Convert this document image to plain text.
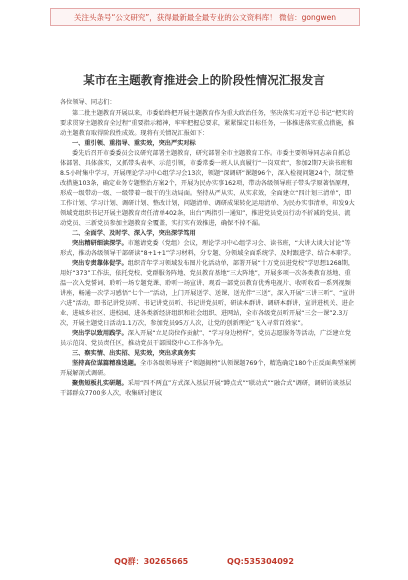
关注头条号“公文研究”，获得最新最全最专业的公文资料库！ 微信：gongwen
某市在主题教育推进会上的阶段性情况汇报发言

各位领导、同志们：

第二批主题教育开展以来，市委始终把开展主题教育作为重大政治任务，坚决落实习近平总书记“把实的要求贯穿主题教育全过程”重要指示精神，牢牢把握总要求，紧紧锚定目标任务，一体推进落实重点措施，推动主题教育取得阶段性成效。现将有关情况汇报如下：

一、重引领、重指导、重实效，突出严实对标

委先后召开市委委员会议研究部署主题教育，研究部署全市主题教育工作。市委主要领导同志亲自抓总体部署、具体落实，又抓带头表率、示范引领，市委常委一班人认真履行“一岗双责”，参加2期7天读书班和8.5小时集中学习，开展理论学习中心组学习会13次，领题“深调研”课题96个，深入检视问题24个，制定整改措施103条，确定业务专题整治方案2个，开展为民办实事162项，带动各级领导班子带头学原著悟原理，形成一级带动一级、一级带着一级干的生动局面。坚持从严从实、从实求效，全面建立“四计划三清单”，即工作计划、学习计划、调研计划、整改计划，问题清单、调研成果转化运用清单、为民办实事清单，印发9大领域党组织书记开展主题教育责任清单402条，出台“两指引一通知”，推进党员党员行动不折减的党员、流动党员、三新党员参加主题教育全覆盖，实打实有效推进，确保不掉不漏。

二、全面学、及时学、深入学，突出深学笃用

突出精研细读深学。市邀请党委（党组）会议，理论学习中心组学习会、读书班，“大讲大谈大讨论”等形式，推动各级领导干部研读“8+1+1”学习材料，分专题、分领域全面系统学、及时跟进学、结合本职学。

突出专责靠体促学。组织青年学习领域发布图片化活动单，部署开展“十万党员进党校”学思想1268期，用好“373”工作法，依托党校、党群服务阵地、党员教育基地“三大阵地”，开展多项一次各类教育基地、重温一次入党誓词、聆听一场专题党课、聆听一场宣讲、观看一部党员教育优秀电视片、收听收看一系列视频讲座，畅通一次学习感悟“七个一”活动，上门开展送学、送课、送光伴“三送”，深入开展“三讲三听”、“宣讲六进”活动，即书记讲党员听、书记讲党员听、书记讲党员听，研读本群讲、调研本群讲，宣讲进机关、进企业、进城乡社区、进校园、进各类新经济组织和社会组织、进网站，全市各级党员听开展“三会一课”2.3万次，开展主题党日活动1.1万次，参加党员95万人次，让党的创新理论“飞入寻常百姓家”。

突出学以致用践学。深入开展“立足岗位作贡献”、“学习身边榜样”，党员志愿服务等活动，广泛建立党员示范岗、党员责任区，推动党员干部围绕中心工作各争先。

三、察实情、出实招、见实效，突出求真务实

坚持高位谋篇精准选题。全市各级领导班子“领题揭榜”认领课题769个，精选确定180个正反面典型案例开展解剖式调研。

聚焦短板扎实研题。采用“四不两直”方式深入基层开展“蹲点式”“联动式”“融合式”调研，调研访谈基层干部群众7700多人次，收集研讨建议

QQ群：30265665	QQ:535304092
